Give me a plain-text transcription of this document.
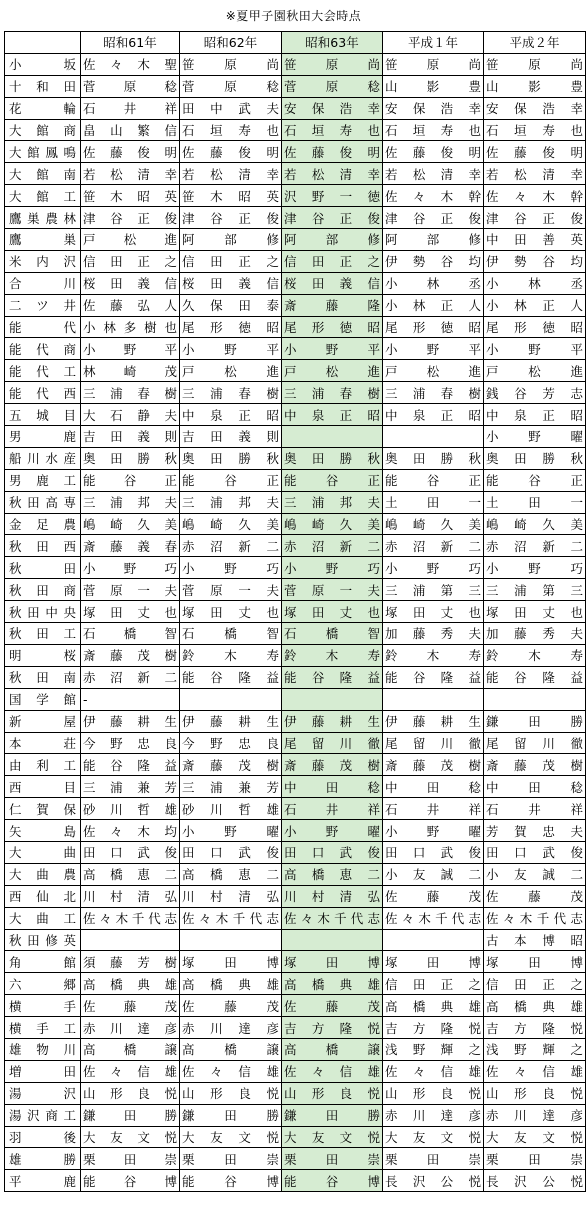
※夏甲子園秋田大会時点
	昭和61年	昭和62年	昭和63年	平成１年	平成２年
小　坂	佐々木聖	笹原尚	笹原尚	笹原尚	笹原尚
十和田	菅原稔	菅原稔	菅原稔	山影豊	山影豊
花　輪	石井祥	田中武夫	安保浩幸	安保浩幸	安保浩幸
大館商	畠山繁信	石垣寿也	石垣寿也	石垣寿也	石垣寿也
大館鳳鳴	佐藤俊明	佐藤俊明	佐藤俊明	佐藤俊明	佐藤俊明
大館南	若松清幸	若松清幸	若松清幸	若松清幸	若松清幸
大館工	笹木昭英	笹木昭英	沢野一徳	佐々木幹	佐々木幹
鷹巣農林	津谷正俊	津谷正俊	津谷正俊	津谷正俊	津谷正俊
鷹　巣	戸松進	阿部修	阿部修	阿部修	中田善英
米内沢	信田正之	信田正之	信田正之	伊勢谷均	伊勢谷均
合　川	桜田義信	桜田義信	桜田義信	小林丞	小林丞
二ツ井	佐藤弘人	久保田泰	斎藤隆	小林正人	小林正人
能　代	小林多樹也	尾形徳昭	尾形徳昭	尾形徳昭	尾形徳昭
能代商	小野平	小野平	小野平	小野平	小野平
能代工	林崎茂	戸松進	戸松進	戸松進	戸松進
能代西	三浦春樹	三浦春樹	三浦春樹	三浦春樹	銭谷芳志
五城目	大石静夫	中泉正昭	中泉正昭	中泉正昭	中泉正昭
男　鹿	吉田義則	吉田義則			小野曜
船川水産	奥田勝秋	奥田勝秋	奥田勝秋	奥田勝秋	奥田勝秋
男鹿工	能谷正	能谷正	能谷正	能谷正	能谷正
秋田高専	三浦邦夫	三浦邦夫	三浦邦夫	土田一	土田一
金足農	嶋崎久美	嶋崎久美	嶋崎久美	嶋崎久美	嶋崎久美
秋田西	斎藤義春	赤沼新二	赤沼新二	赤沼新二	赤沼新二
秋　田	小野巧	小野巧	小野巧	小野巧	小野巧
秋田商	菅原一夫	菅原一夫	菅原一夫	三浦第三	三浦第三
秋田中央	塚田丈也	塚田丈也	塚田丈也	塚田丈也	塚田丈也
秋田工	石橋智	石橋智	石橋智	加藤秀夫	加藤秀夫
明　桜	斎藤茂樹	鈴木寿	鈴木寿	鈴木寿	鈴木寿
秋田南	赤沼新二	能谷隆益	能谷隆益	能谷隆益	能谷隆益
国学館	-				
新　屋	伊藤耕生	伊藤耕生	伊藤耕生	伊藤耕生	鎌田勝
本　荘	今野忠良	今野忠良	尾留川徹	尾留川徹	尾留川徹
由利工	能谷隆益	斎藤茂樹	斎藤茂樹	斎藤茂樹	斎藤茂樹
西　目	三浦兼芳	三浦兼芳	中田稔	中田稔	中田稔
仁賀保	砂川哲雄	砂川哲雄	石井祥	石井祥	石井祥
矢　島	佐々木均	小野曜	小野曜	小野曜	芳賀忠夫
大　曲	田口武俊	田口武俊	田口武俊	田口武俊	田口武俊
大曲農	高橋恵二	高橋恵二	高橋恵二	小友誠二	小友誠二
西仙北	川村清弘	川村清弘	川村清弘	佐藤茂	佐藤茂
大曲工	佐々木千代志	佐々木千代志	佐々木千代志	佐々木千代志	佐々木千代志
秋田修英					古本博昭
角　館	須藤芳樹	塚田博	塚田博	塚田博	塚田博
六　郷	高橋典雄	高橋典雄	高橋典雄	信田正之	信田正之
横　手	佐藤茂	佐藤茂	佐藤茂	高橋典雄	高橋典雄
横手工	赤川達彦	赤川達彦	吉方隆悦	吉方隆悦	吉方隆悦
雄物川	高橋譲	高橋譲	高橋譲	浅野輝之	浅野輝之
増　田	佐々信雄	佐々信雄	佐々信雄	佐々信雄	佐々信雄
湯　沢	山形良悦	山形良悦	山形良悦	山形良悦	山形良悦
湯沢商工	鎌田勝	鎌田勝	鎌田勝	赤川達彦	赤川達彦
羽　後	大友文悦	大友文悦	大友文悦	大友文悦	大友文悦
雄　勝	栗田崇	栗田崇	栗田崇	栗田崇	栗田崇
平　鹿	能谷博	能谷博	能谷博	長沢公悦	長沢公悦
